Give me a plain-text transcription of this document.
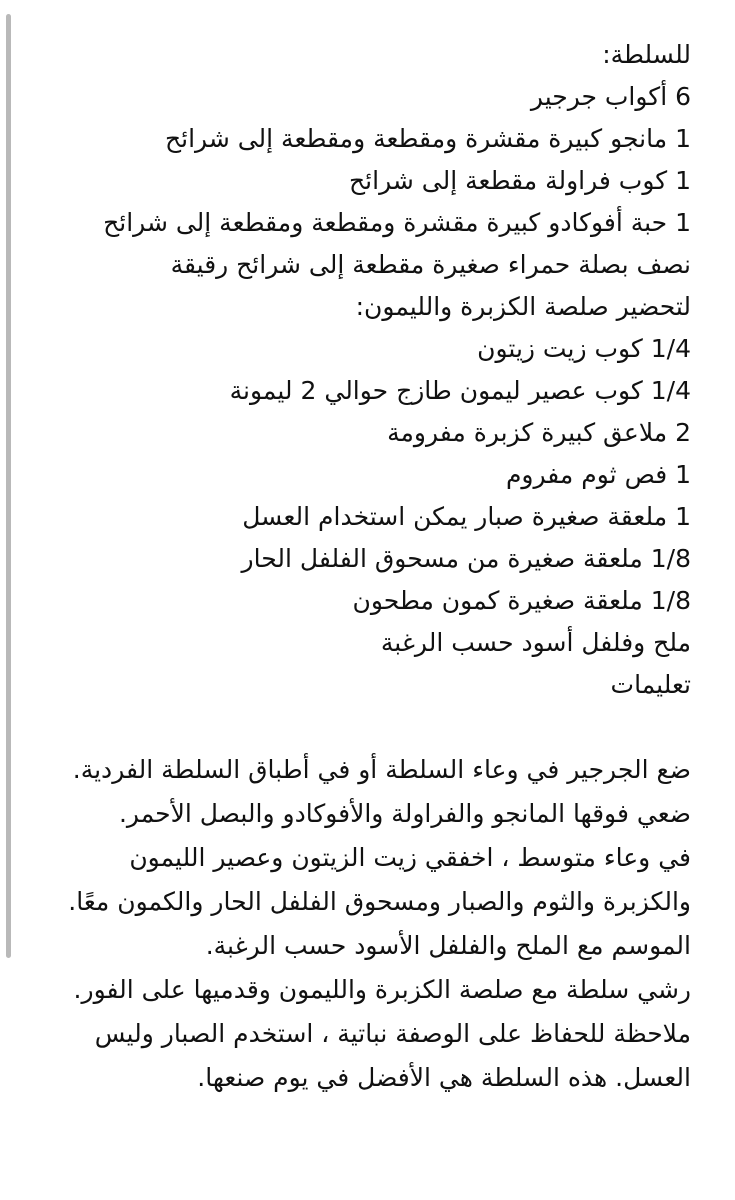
للسلطة:

6 أكواب جرجير

1 مانجو كبيرة مقشرة ومقطعة ومقطعة إلى شرائح

1 كوب فراولة مقطعة إلى شرائح

1 حبة أفوكادو كبيرة مقشرة ومقطعة ومقطعة إلى شرائح

نصف بصلة حمراء صغيرة مقطعة إلى شرائح رقيقة

لتحضير صلصة الكزبرة والليمون:

1/4 كوب زيت زيتون

1/4 كوب عصير ليمون طازج حوالي 2 ليمونة

2 ملاعق كبيرة كزبرة مفرومة

1 فص ثوم مفروم

1 ملعقة صغيرة صبار يمكن استخدام العسل

1/8 ملعقة صغيرة من مسحوق الفلفل الحار

1/8 ملعقة صغيرة كمون مطحون

ملح وفلفل أسود حسب الرغبة

تعليمات

ضع الجرجير في وعاء السلطة أو في أطباق السلطة الفردية. ضعي فوقها المانجو والفراولة والأفوكادو والبصل الأحمر.

في وعاء متوسط ، اخفقي زيت الزيتون وعصير الليمون والكزبرة والثوم والصبار ومسحوق الفلفل الحار والكمون معًا. الموسم مع الملح والفلفل الأسود حسب الرغبة.

رشي سلطة مع صلصة الكزبرة والليمون وقدميها على الفور.

ملاحظة للحفاظ على الوصفة نباتية ، استخدم الصبار وليس العسل. هذه السلطة هي الأفضل في يوم صنعها.
